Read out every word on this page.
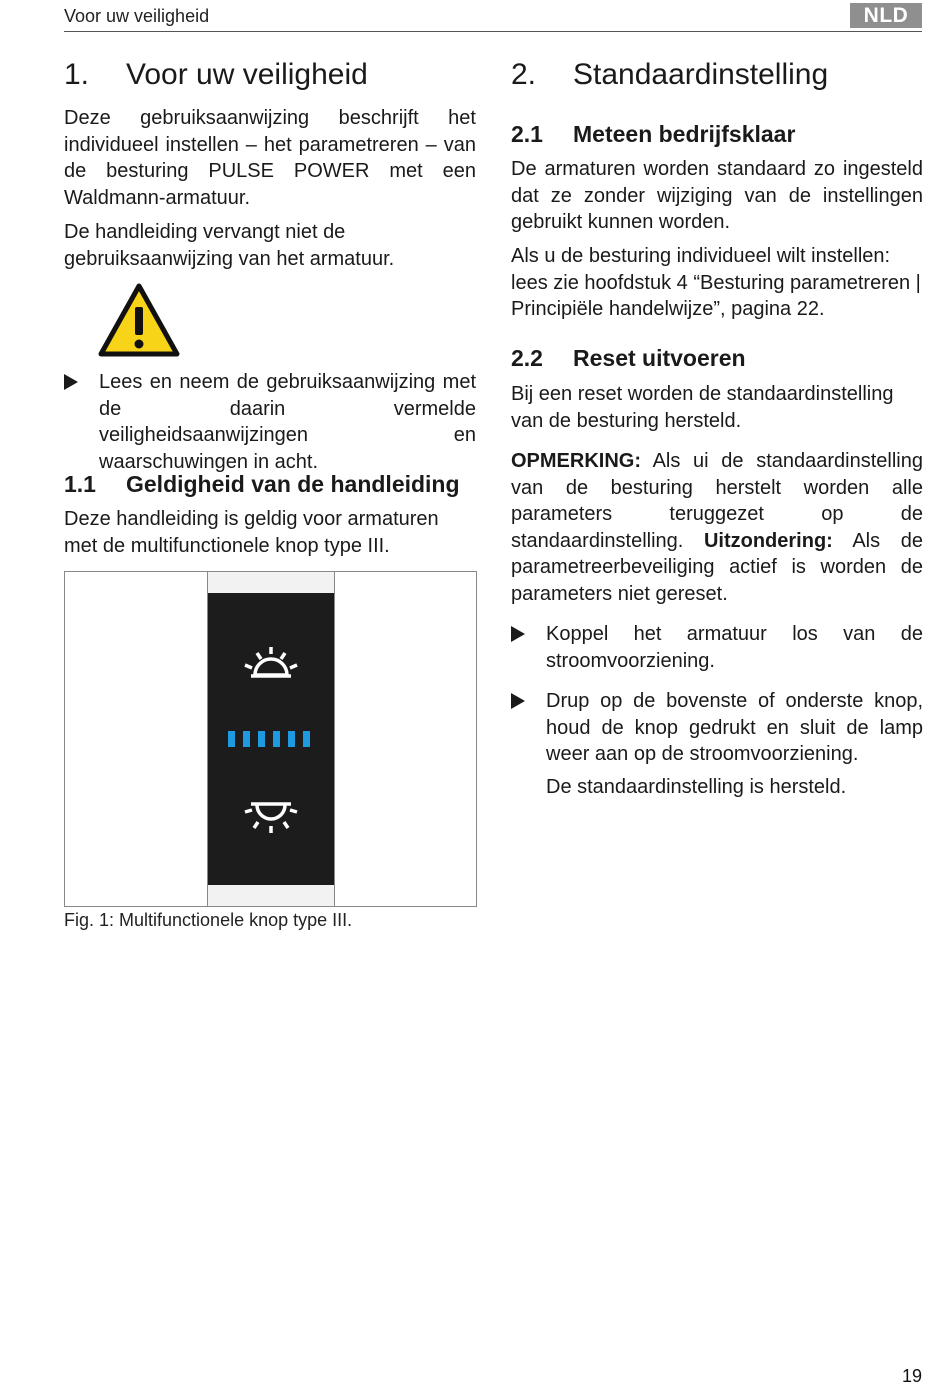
Voor uw veiligheid	NLD
1.	Voor uw veiligheid

Deze gebruiksaanwijzing beschrijft het individueel instellen – het parametreren – van de besturing PULSE POWER met een Waldmann-armatuur.

De handleiding vervangt niet de gebruiksaanwijzing van het armatuur.

Lees en neem de gebruiksaanwijzing met de daarin vermelde veiligheidsaanwijzingen en waarschuwingen in acht.
1.1	Geldigheid van de handleiding

Deze handleiding is geldig voor armaturen met de multifunctionele knop type III.

Fig. 1: Multifunctionele knop type III.
2.	Standaardinstelling
2.1	Meteen bedrijfsklaar

De armaturen worden standaard zo ingesteld dat ze zonder wijziging van de instellingen gebruikt kunnen worden.

Als u de besturing individueel wilt instellen: lees zie hoofdstuk 4 “Besturing parametreren | Principiële handelwijze”, pagina 22.

2.2	Reset uitvoeren

Bij een reset worden de standaardinstelling van de besturing hersteld.

OPMERKING: Als ui de standaardinstelling van de besturing herstelt worden alle parameters teruggezet op de standaardinstelling. Uitzondering: Als de parametreerbeveiliging actief is worden de parameters niet gereset.

Koppel het armatuur los van de stroomvoorziening.
Drup op de bovenste of onderste knop, houd de knop gedrukt en sluit de lamp weer aan op de stroomvoorziening.

De standaardinstelling is hersteld.

19
